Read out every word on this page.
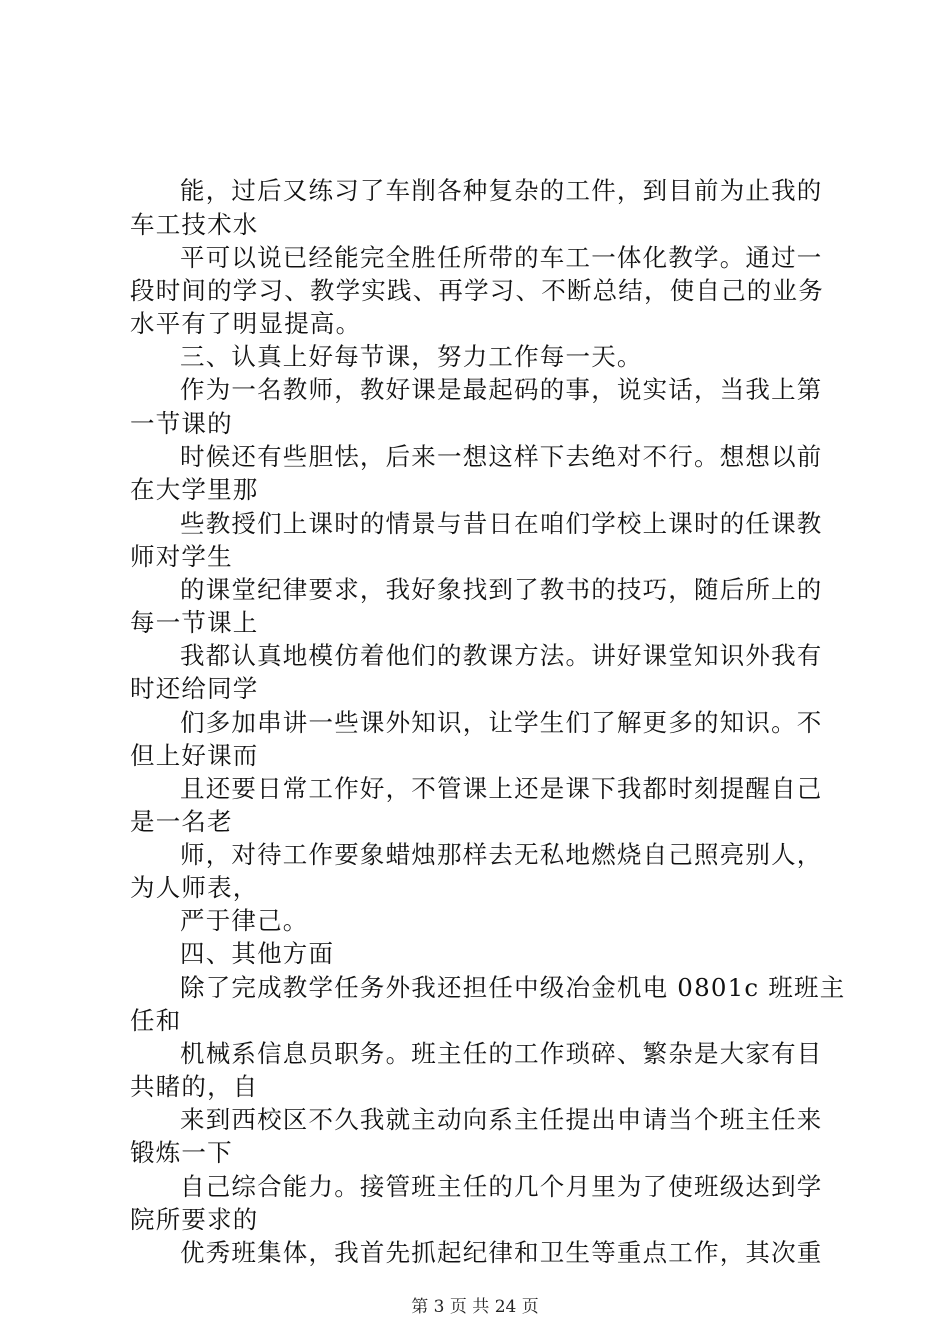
能，过后又练习了车削各种复杂的工件，到目前为止我的
车工技术水
平可以说已经能完全胜任所带的车工一体化教学。通过一
段时间的学习、教学实践、再学习、不断总结，使自己的业务
水平有了明显提高。
三、认真上好每节课，努力工作每一天。
作为一名教师，教好课是最起码的事，说实话，当我上第
一节课的
时候还有些胆怯，后来一想这样下去绝对不行。想想以前
在大学里那
些教授们上课时的情景与昔日在咱们学校上课时的任课教
师对学生
的课堂纪律要求，我好象找到了教书的技巧，随后所上的
每一节课上
我都认真地模仿着他们的教课方法。讲好课堂知识外我有
时还给同学
们多加串讲一些课外知识，让学生们了解更多的知识。不
但上好课而
且还要日常工作好，不管课上还是课下我都时刻提醒自己
是一名老
师，对待工作要象蜡烛那样去无私地燃烧自己照亮别人，
为人师表，
严于律己。
四、其他方面
除了完成教学任务外我还担任中级冶金机电 0801c 班班主
任和
机械系信息员职务。班主任的工作琐碎、繁杂是大家有目
共睹的，自
来到西校区不久我就主动向系主任提出申请当个班主任来
锻炼一下
自己综合能力。接管班主任的几个月里为了使班级达到学
院所要求的
优秀班集体，我首先抓起纪律和卫生等重点工作，其次重
第 3 页 共 24 页
